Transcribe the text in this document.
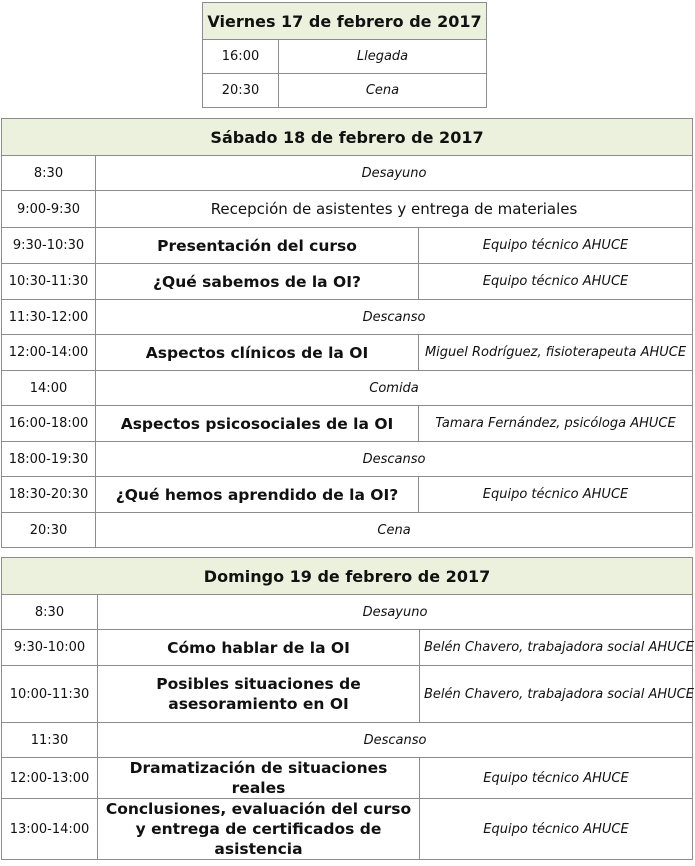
Viernes 17 de febrero de 2017	
16:00	Llegada
20:30	Cena
Sábado 18 de febrero de 2017		
8:30	Desayuno	
9:00-9:30	Recepción de asistentes y entrega de materiales	
9:30-10:30	Presentación del curso	Equipo técnico AHUCE
10:30-11:30	¿Qué sabemos de la OI?	Equipo técnico AHUCE
11:30-12:00	Descanso	
12:00-14:00	Aspectos clínicos de la OI	Miguel Rodríguez, fisioterapeuta AHUCE
14:00	Comida	
16:00-18:00	Aspectos psicosociales de la OI	Tamara Fernández, psicóloga AHUCE
18:00-19:30	Descanso	
18:30-20:30	¿Qué hemos aprendido de la OI?	Equipo técnico AHUCE
20:30	Cena	
Domingo 19 de febrero de 2017		
8:30	Desayuno	
9:30-10:00	Cómo hablar de la OI	Belén Chavero, trabajadora social AHUCE
10:00-11:30	Posibles situaciones de asesoramiento en OI	Belén Chavero, trabajadora social AHUCE
11:30	Descanso	
12:00-13:00	Dramatización de situaciones reales	Equipo técnico AHUCE
13:00-14:00	Conclusiones, evaluación del curso y entrega de certificados de asistencia	Equipo técnico AHUCE
